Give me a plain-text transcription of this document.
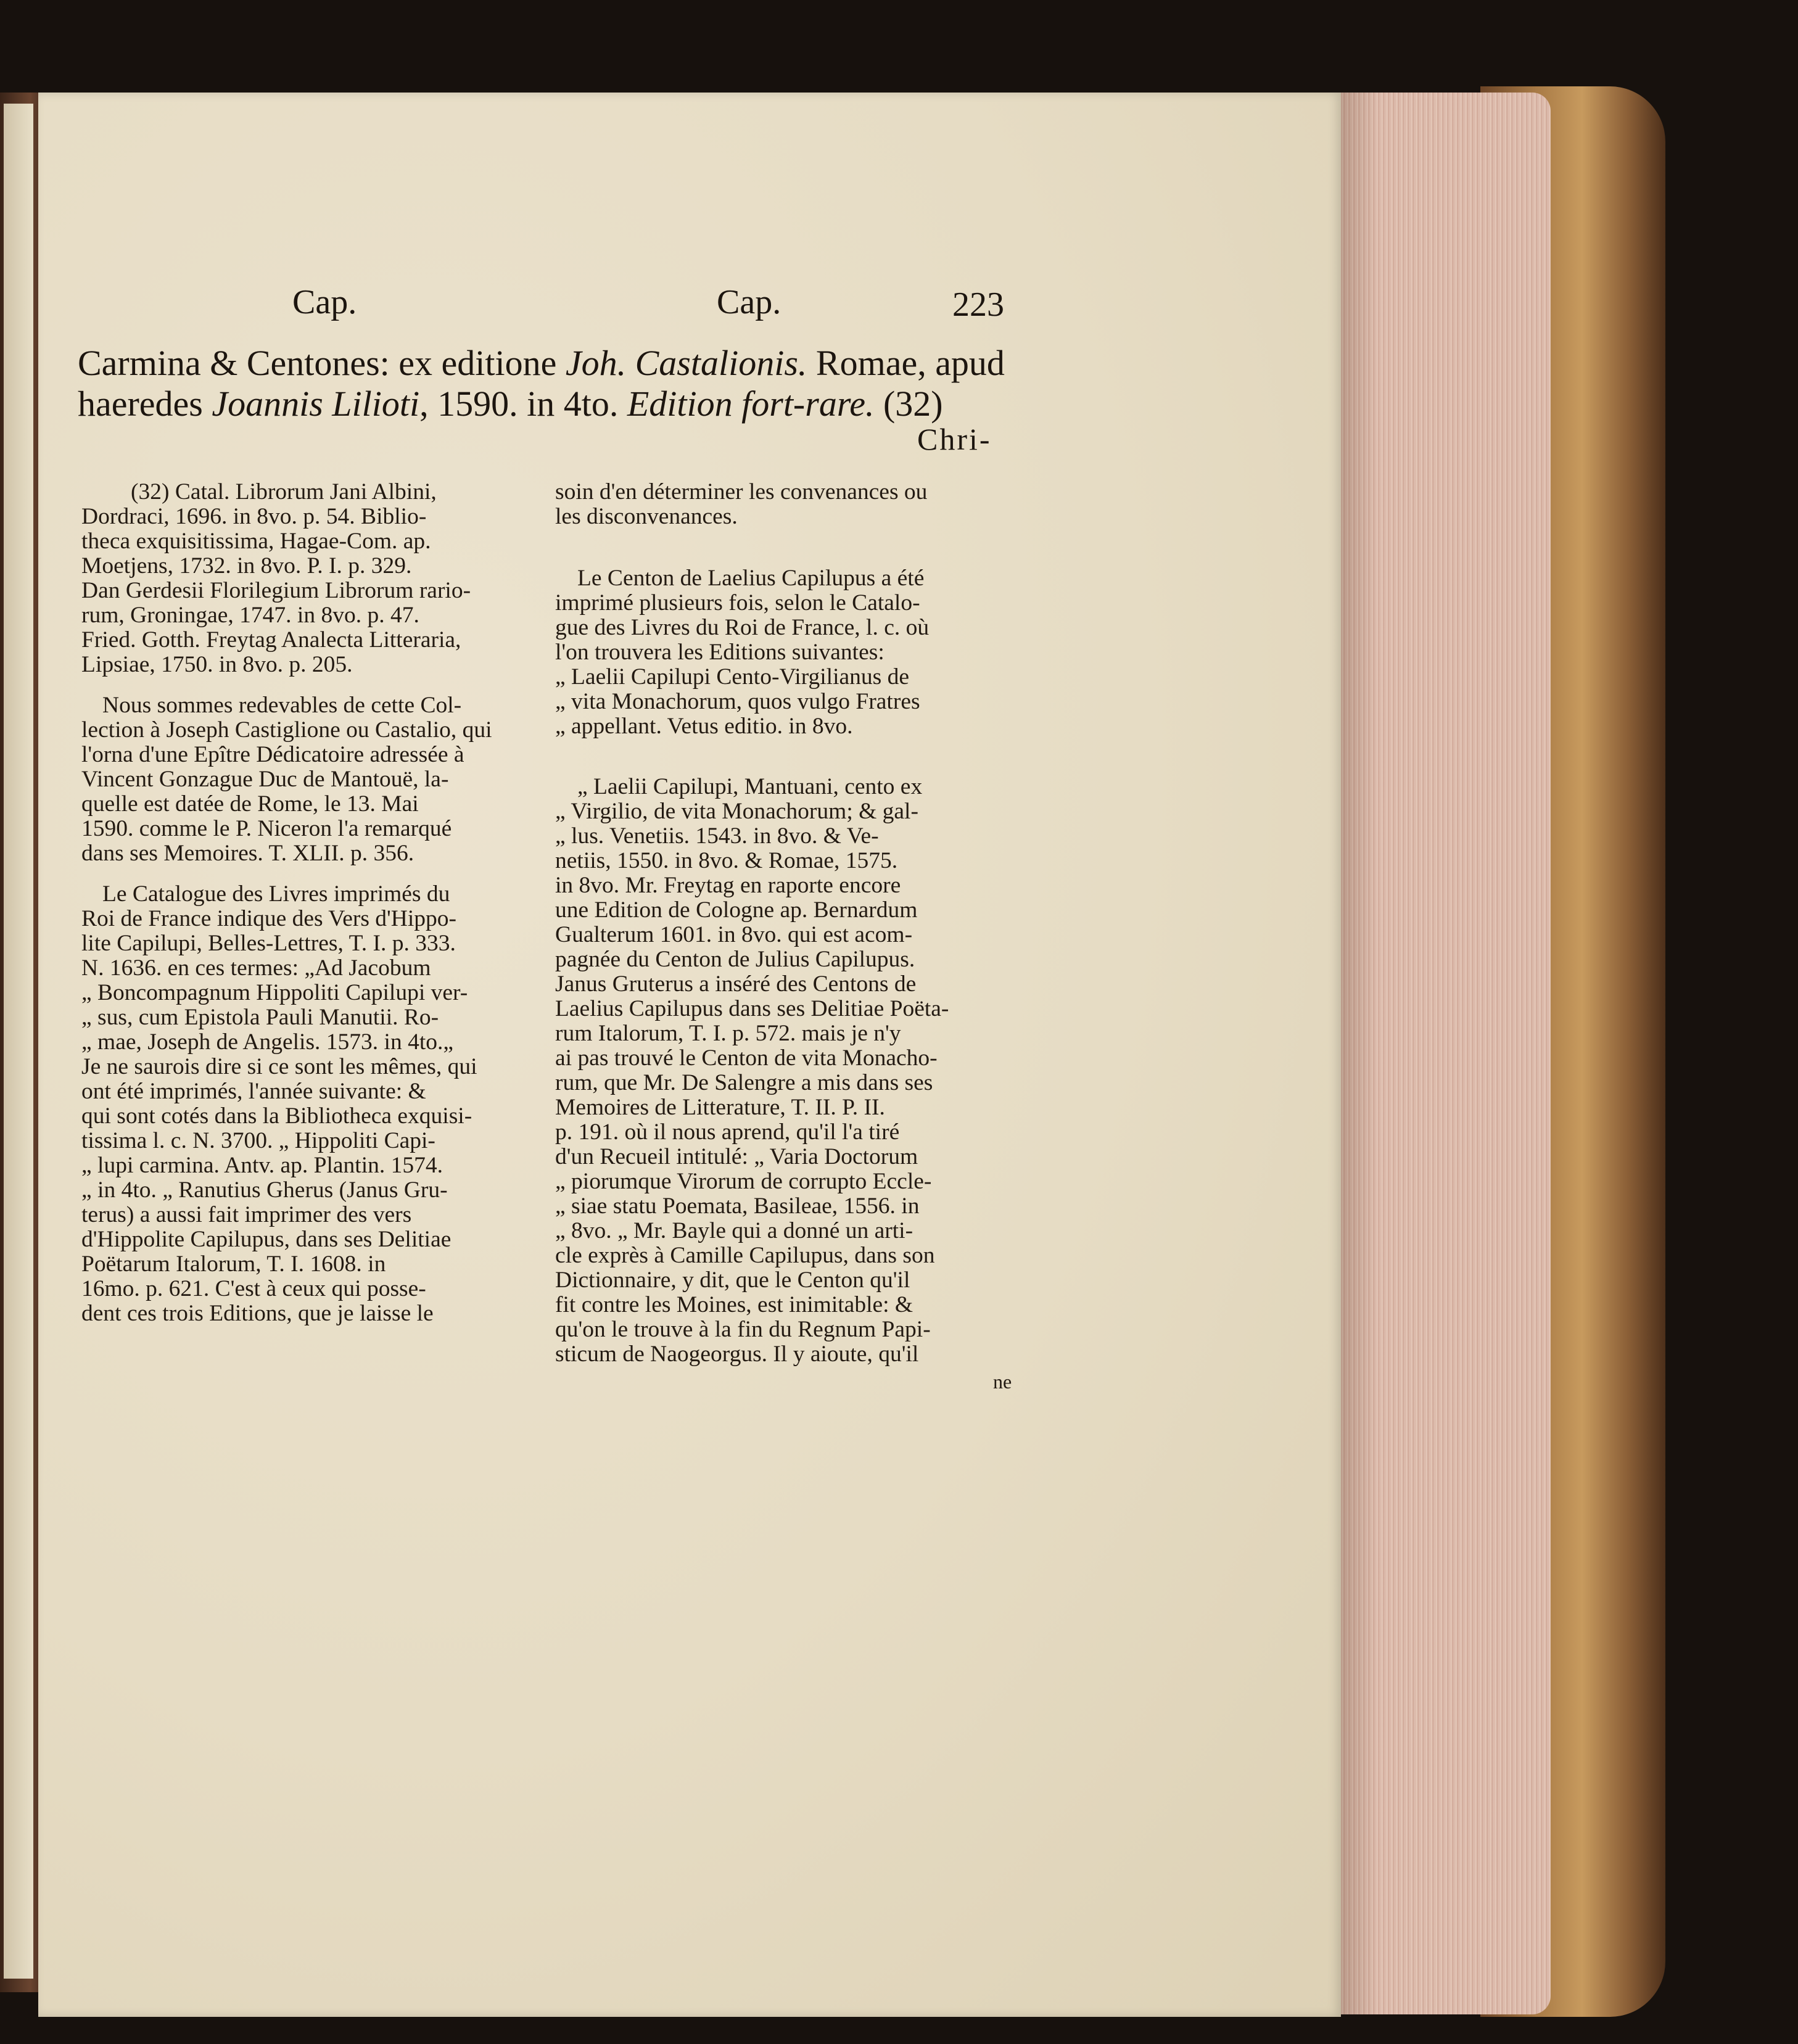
Cap.	Cap.	223
Carmina & Centones: ex editione Joh. Castalionis. Romae, apud
haeredes Joannis Lilioti, 1590. in 4to. Edition fort-rare. (32)
Chri-
(32) Catal. Librorum Jani Albini,
Dordraci, 1696. in 8vo. p. 54. Biblio-
theca exquisitissima, Hagae-Com. ap.
Moetjens, 1732. in 8vo. P. I. p. 329.
Dan Gerdesii Florilegium Librorum rario-
rum, Groningae, 1747. in 8vo. p. 47.
Fried. Gotth. Freytag Analecta Litteraria,
Lipsiae, 1750. in 8vo. p. 205.
Nous sommes redevables de cette Col-
lection à Joseph Castiglione ou Castalio, qui
l'orna d'une Epître Dédicatoire adressée à
Vincent Gonzague Duc de Mantouë, la-
quelle est datée de Rome, le 13. Mai
1590. comme le P. Niceron l'a remarqué
dans ses Memoires. T. XLII. p. 356.
Le Catalogue des Livres imprimés du
Roi de France indique des Vers d'Hippo-
lite Capilupi, Belles-Lettres, T. I. p. 333.
N. 1636. en ces termes: „Ad Jacobum
„ Boncompagnum Hippoliti Capilupi ver-
„ sus, cum Epistola Pauli Manutii. Ro-
„ mae, Joseph de Angelis. 1573. in 4to.„
Je ne saurois dire si ce sont les mêmes, qui
ont été imprimés, l'année suivante: &
qui sont cotés dans la Bibliotheca exquisi-
tissima l. c. N. 3700. „ Hippoliti Capi-
„ lupi carmina. Antv. ap. Plantin. 1574.
„ in 4to. „ Ranutius Gherus (Janus Gru-
terus) a aussi fait imprimer des vers
d'Hippolite Capilupus, dans ses Delitiae
Poëtarum Italorum, T. I. 1608. in
16mo. p. 621. C'est à ceux qui posse-
dent ces trois Editions, que je laisse le
soin d'en déterminer les convenances ou
les disconvenances.
Le Centon de Laelius Capilupus a été
imprimé plusieurs fois, selon le Catalo-
gue des Livres du Roi de France, l. c. où
l'on trouvera les Editions suivantes:
„ Laelii Capilupi Cento-Virgilianus de
„ vita Monachorum, quos vulgo Fratres
„ appellant. Vetus editio. in 8vo.
„ Laelii Capilupi, Mantuani, cento ex
„ Virgilio, de vita Monachorum; & gal-
„ lus. Venetiis. 1543. in 8vo. & Ve-
netiis, 1550. in 8vo. & Romae, 1575.
in 8vo. Mr. Freytag en raporte encore
une Edition de Cologne ap. Bernardum
Gualterum 1601. in 8vo. qui est acom-
pagnée du Centon de Julius Capilupus.
Janus Gruterus a inséré des Centons de
Laelius Capilupus dans ses Delitiae Poëta-
rum Italorum, T. I. p. 572. mais je n'y
ai pas trouvé le Centon de vita Monacho-
rum, que Mr. De Salengre a mis dans ses
Memoires de Litterature, T. II. P. II.
p. 191. où il nous aprend, qu'il l'a tiré
d'un Recueil intitulé: „ Varia Doctorum
„ piorumque Virorum de corrupto Eccle-
„ siae statu Poemata, Basileae, 1556. in
„ 8vo. „ Mr. Bayle qui a donné un arti-
cle exprès à Camille Capilupus, dans son
Dictionnaire, y dit, que le Centon qu'il
fit contre les Moines, est inimitable: &
qu'on le trouve à la fin du Regnum Papi-
sticum de Naogeorgus. Il y aioute, qu'il
ne
